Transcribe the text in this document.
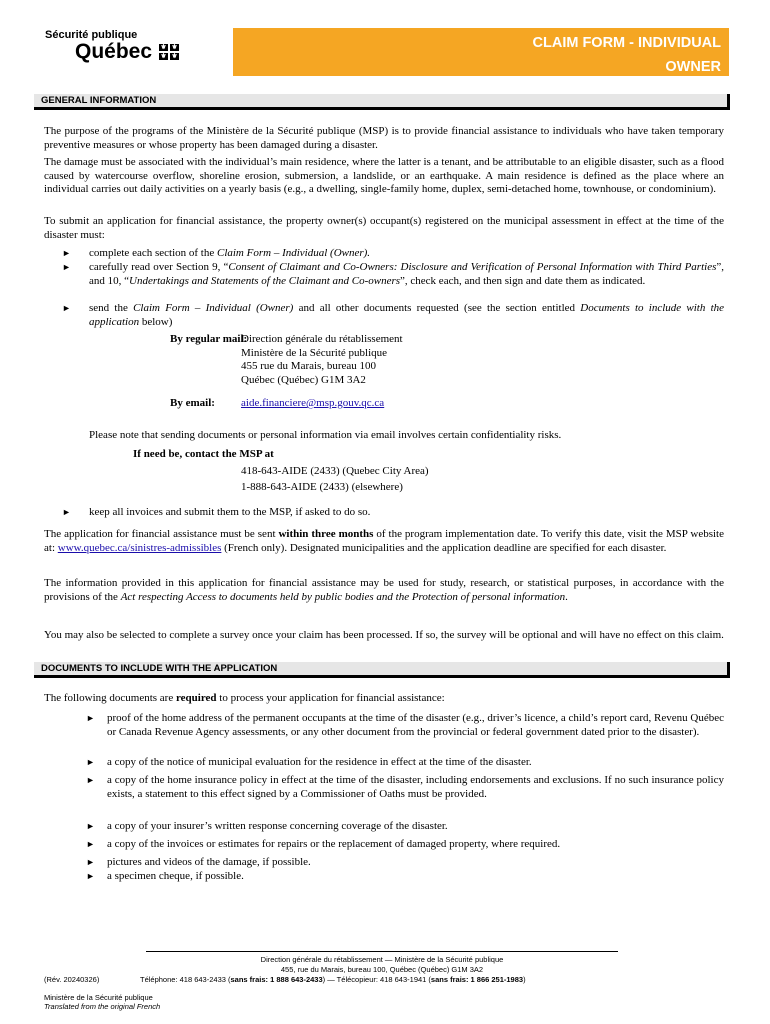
Sécurité publique
Québec ⚜ ⚜
⚜ ⚜
CLAIM FORM - INDIVIDUAL
OWNER
GENERAL INFORMATION
The purpose of the programs of the Ministère de la Sécurité publique (MSP) is to provide financial assistance to individuals who have taken temporary preventive measures or whose property has been damaged during a disaster.
The damage must be associated with the individual’s main residence, where the latter is a tenant, and be attributable to an eligible disaster, such as a flood caused by watercourse overflow, shoreline erosion, submersion, a landslide, or an earthquake. A main residence is defined as the place where an individual carries out daily activities on a yearly basis (e.g., a dwelling, single-family home, duplex, semi-detached home, townhouse, or condominium).
To submit an application for financial assistance, the property owner(s) occupant(s) registered on the municipal assessment in effect at the time of the disaster must:
► complete each section of the Claim Form – Individual (Owner).
► carefully read over Section 9, “Consent of Claimant and Co-Owners: Disclosure and Verification of Personal Information with Third Parties”, and 10, “Undertakings and Statements of the Claimant and Co-owners”, check each, and then sign and date them as indicated.
► send the Claim Form – Individual (Owner) and all other documents requested (see the section entitled Documents to include with the application below)
By regular mail:
Direction générale du rétablissement
Ministère de la Sécurité publique
455 rue du Marais, bureau 100
Québec (Québec) G1M 3A2
By email: aide.financiere@msp.gouv.qc.ca
Please note that sending documents or personal information via email involves certain confidentiality risks.
If need be, contact the MSP at
418-643-AIDE (2433) (Quebec City Area)
1-888-643-AIDE (2433) (elsewhere)
► keep all invoices and submit them to the MSP, if asked to do so.
The application for financial assistance must be sent within three months of the program implementation date. To verify this date, visit the MSP website at: www.quebec.ca/sinistres-admissibles (French only). Designated municipalities and the application deadline are specified for each disaster.
The information provided in this application for financial assistance may be used for study, research, or statistical purposes, in accordance with the provisions of the Act respecting Access to documents held by public bodies and the Protection of personal information.
You may also be selected to complete a survey once your claim has been processed. If so, the survey will be optional and will have no effect on this claim.
DOCUMENTS TO INCLUDE WITH THE APPLICATION
The following documents are required to process your application for financial assistance:
► proof of the home address of the permanent occupants at the time of the disaster (e.g., driver’s licence, a child’s report card, Revenu Québec or Canada Revenue Agency assessments, or any other document from the provincial or federal government dated prior to the disaster).
► a copy of the notice of municipal evaluation for the residence in effect at the time of the disaster.
► a copy of the home insurance policy in effect at the time of the disaster, including endorsements and exclusions. If no such insurance policy exists, a statement to this effect signed by a Commissioner of Oaths must be provided.
► a copy of your insurer’s written response concerning coverage of the disaster.
► a copy of the invoices or estimates for repairs or the replacement of damaged property, where required.
► pictures and videos of the damage, if possible.
► a specimen cheque, if possible.
Direction générale du rétablissement — Ministère de la Sécurité publique
455, rue du Marais, bureau 100, Québec (Québec) G1M 3A2
(Rév. 20240326)	Téléphone: 418 643-2433 (sans frais: 1 888 643-2433) — Télécopieur: 418 643-1941 (sans frais: 1 866 251-1983)
Ministère de la Sécurité publique
Translated from the original French
